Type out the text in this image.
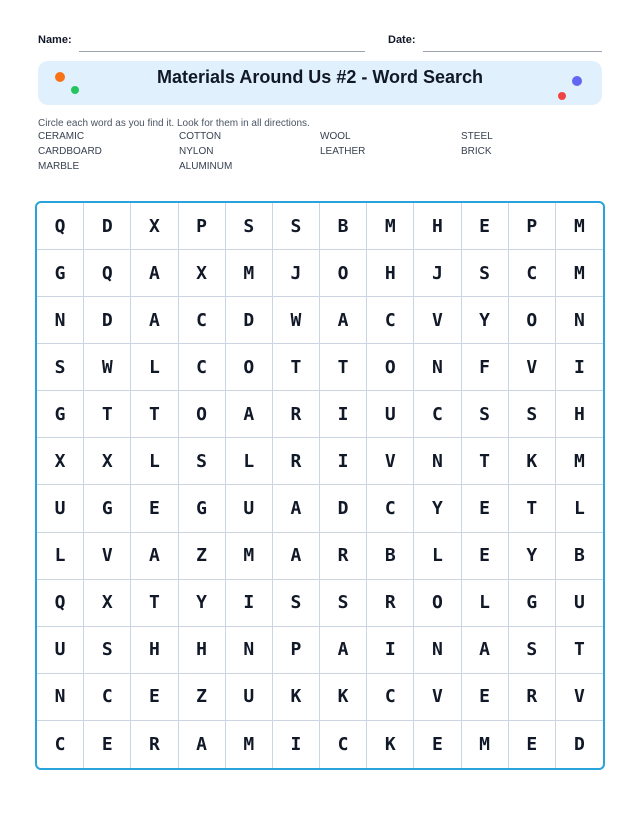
Name:	Date:
Materials Around Us #2 - Word Search
Circle each word as you find it. Look for them in all directions.
CERAMIC	COTTON	WOOL	STEEL
CARDBOARD	NYLON	LEATHER	BRICK
MARBLE	ALUMINUM
Q	D	X	P	S	S	B	M	H	E	P	M
G	Q	A	X	M	J	O	H	J	S	C	M
N	D	A	C	D	W	A	C	V	Y	O	N
S	W	L	C	O	T	T	O	N	F	V	I
G	T	T	O	A	R	I	U	C	S	S	H
X	X	L	S	L	R	I	V	N	T	K	M
U	G	E	G	U	A	D	C	Y	E	T	L
L	V	A	Z	M	A	R	B	L	E	Y	B
Q	X	T	Y	I	S	S	R	O	L	G	U
U	S	H	H	N	P	A	I	N	A	S	T
N	C	E	Z	U	K	K	C	V	E	R	V
C	E	R	A	M	I	C	K	E	M	E	D
